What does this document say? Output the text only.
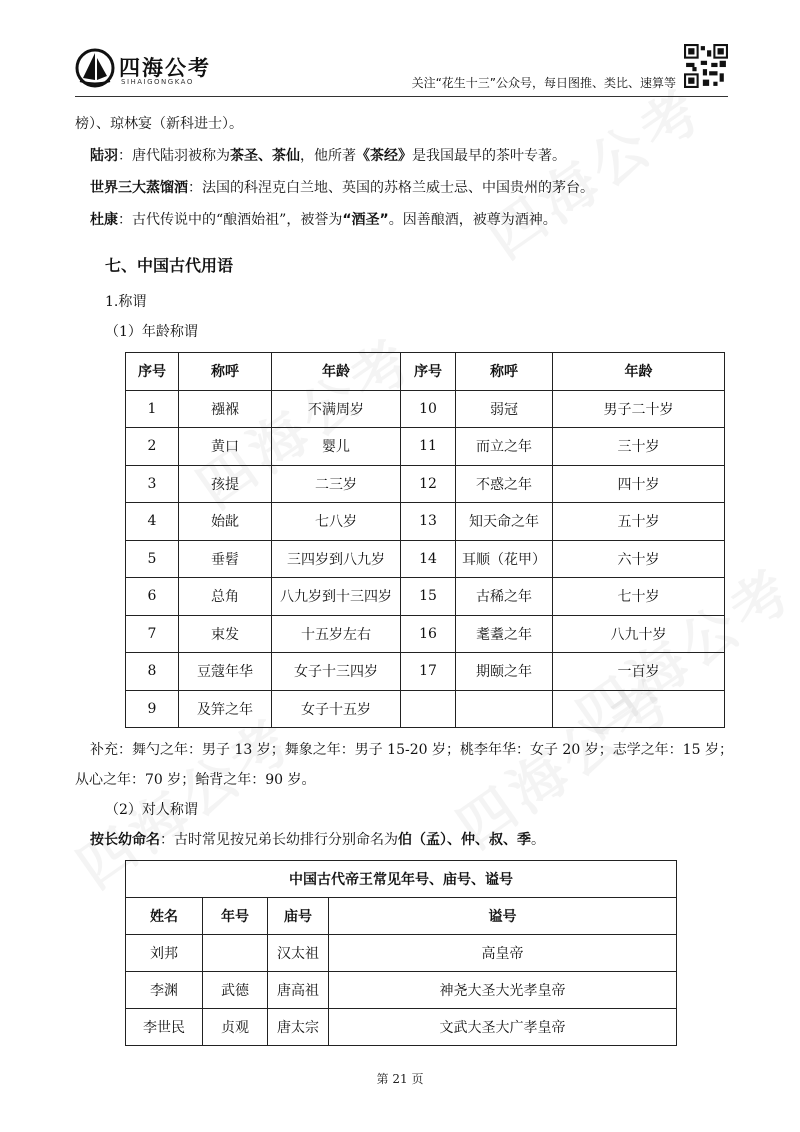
四海公考
SIHAIGONGKAO	关注“花生十三”公众号，每日图推、类比、速算等

榜）、琼林宴（新科进士）。

陆羽：唐代陆羽被称为茶圣、茶仙，他所著《茶经》是我国最早的茶叶专著。

世界三大蒸馏酒：法国的科涅克白兰地、英国的苏格兰威士忌、中国贵州的茅台。

杜康：古代传说中的“酿酒始祖”，被誉为“酒圣”。因善酿酒，被尊为酒神。

七、中国古代用语

1.称谓

（1）年龄称谓

序号	称呼	年龄	序号	称呼	年龄
1	襁褓	不满周岁	10	弱冠	男子二十岁
2	黄口	婴儿	11	而立之年	三十岁
3	孩提	二三岁	12	不惑之年	四十岁
4	始龀	七八岁	13	知天命之年	五十岁
5	垂髫	三四岁到八九岁	14	耳顺（花甲）	六十岁
6	总角	八九岁到十三四岁	15	古稀之年	七十岁
7	束发	十五岁左右	16	耄耋之年	八九十岁
8	豆蔻年华	女子十三四岁	17	期颐之年	一百岁
9	及笄之年	女子十五岁			

补充：舞勺之年：男子 13 岁；舞象之年：男子 15-20 岁；桃李年华：女子 20 岁；志学之年：15 岁；

从心之年：70 岁；鲐背之年：90 岁。

（2）对人称谓

按长幼命名：古时常见按兄弟长幼排行分别命名为伯（孟）、仲、叔、季。

中国古代帝王常见年号、庙号、谥号			
姓名	年号	庙号	谥号
刘邦		汉太祖	高皇帝
李渊	武德	唐高祖	神尧大圣大光孝皇帝
李世民	贞观	唐太宗	文武大圣大广孝皇帝
第 21 页
